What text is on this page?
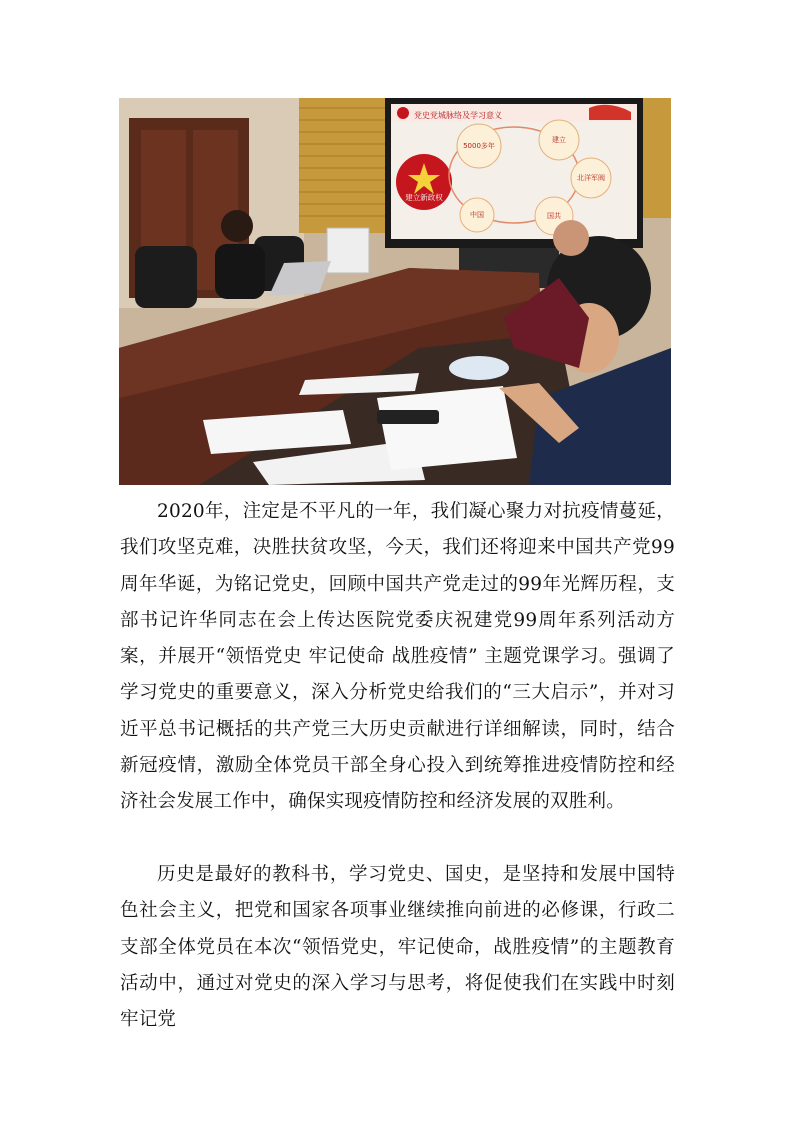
党史党城脉络及学习意义
建立新政权
5000多年
建立
北洋军阀
国共
中国

2020年，注定是不平凡的一年，我们凝心聚力对抗疫情蔓延，我们攻坚克难，决胜扶贫攻坚，今天，我们还将迎来中国共产党99周年华诞，为铭记党史，回顾中国共产党走过的99年光辉历程，支部书记许华同志在会上传达医院党委庆祝建党99周年系列活动方案，并展开“领悟党史 牢记使命 战胜疫情” 主题党课学习。强调了学习党史的重要意义，深入分析党史给我们的“三大启示”，并对习近平总书记概括的共产党三大历史贡献进行详细解读，同时，结合新冠疫情，激励全体党员干部全身心投入到统筹推进疫情防控和经济社会发展工作中，确保实现疫情防控和经济发展的双胜利。

历史是最好的教科书，学习党史、国史，是坚持和发展中国特色社会主义，把党和国家各项事业继续推向前进的必修课，行政二支部全体党员在本次“领悟党史，牢记使命，战胜疫情”的主题教育活动中，通过对党史的深入学习与思考，将促使我们在实践中时刻牢记党
